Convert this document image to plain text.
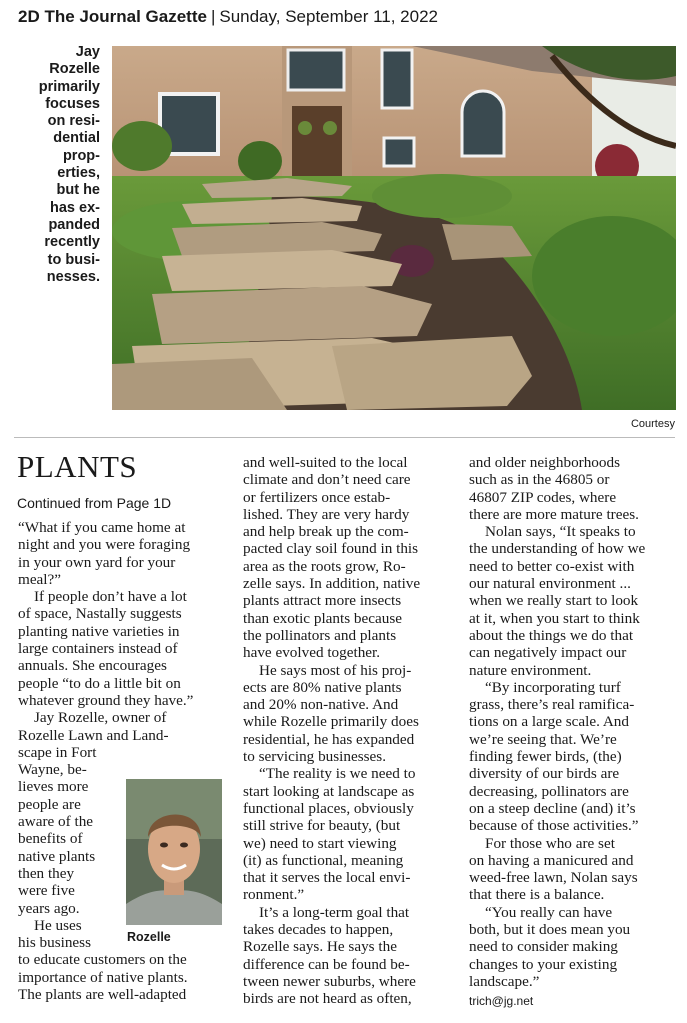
2D The Journal Gazette | Sunday, September 11, 2022
Jay
Rozelle
primarily
focuses
on resi-
dential
prop-
erties,
but he
has ex-
panded
recently
to busi-
nesses.
Courtesy
PLANTS
Continued from Page 1D
“What if you came home at
night and you were foraging
in your own yard for your
meal?”
If people don’t have a lot
of space, Nastally suggests
planting native varieties in
large containers instead of
annuals. She encourages
people “to do a little bit on
whatever ground they have.”
Jay Rozelle, owner of
Rozelle Lawn and Land-
scape in Fort
Wayne, be-
lieves more
people are
aware of the
benefits of
native plants
then they
were five
years ago.
He uses
his business
to educate customers on the
importance of native plants.
The plants are well-adapted
and well-suited to the local
climate and don’t need care
or fertilizers once estab-
lished. They are very hardy
and help break up the com-
pacted clay soil found in this
area as the roots grow, Ro-
zelle says. In addition, native
plants attract more insects
than exotic plants because
the pollinators and plants
have evolved together.
He says most of his proj-
ects are 80% native plants
and 20% non-native. And
while Rozelle primarily does
residential, he has expanded
to servicing businesses.
“The reality is we need to
start looking at landscape as
functional places, obviously
still strive for beauty, (but
we) need to start viewing
(it) as functional, meaning
that it serves the local envi-
ronment.”
It’s a long-term goal that
takes decades to happen,
Rozelle says. He says the
difference can be found be-
tween newer suburbs, where
birds are not heard as often,
and older neighborhoods
such as in the 46805 or
46807 ZIP codes, where
there are more mature trees.
Nolan says, “It speaks to
the understanding of how we
need to better co-exist with
our natural environment ...
when we really start to look
at it, when you start to think
about the things we do that
can negatively impact our
nature environment.
“By incorporating turf
grass, there’s real ramifica-
tions on a large scale. And
we’re seeing that. We’re
finding fewer birds, (the)
diversity of our birds are
decreasing, pollinators are
on a steep decline (and) it’s
because of those activities.”
For those who are set
on having a manicured and
weed-free lawn, Nolan says
that there is a balance.
“You really can have
both, but it does mean you
need to consider making
changes to your existing
landscape.”
trich@jg.net
Rozelle
